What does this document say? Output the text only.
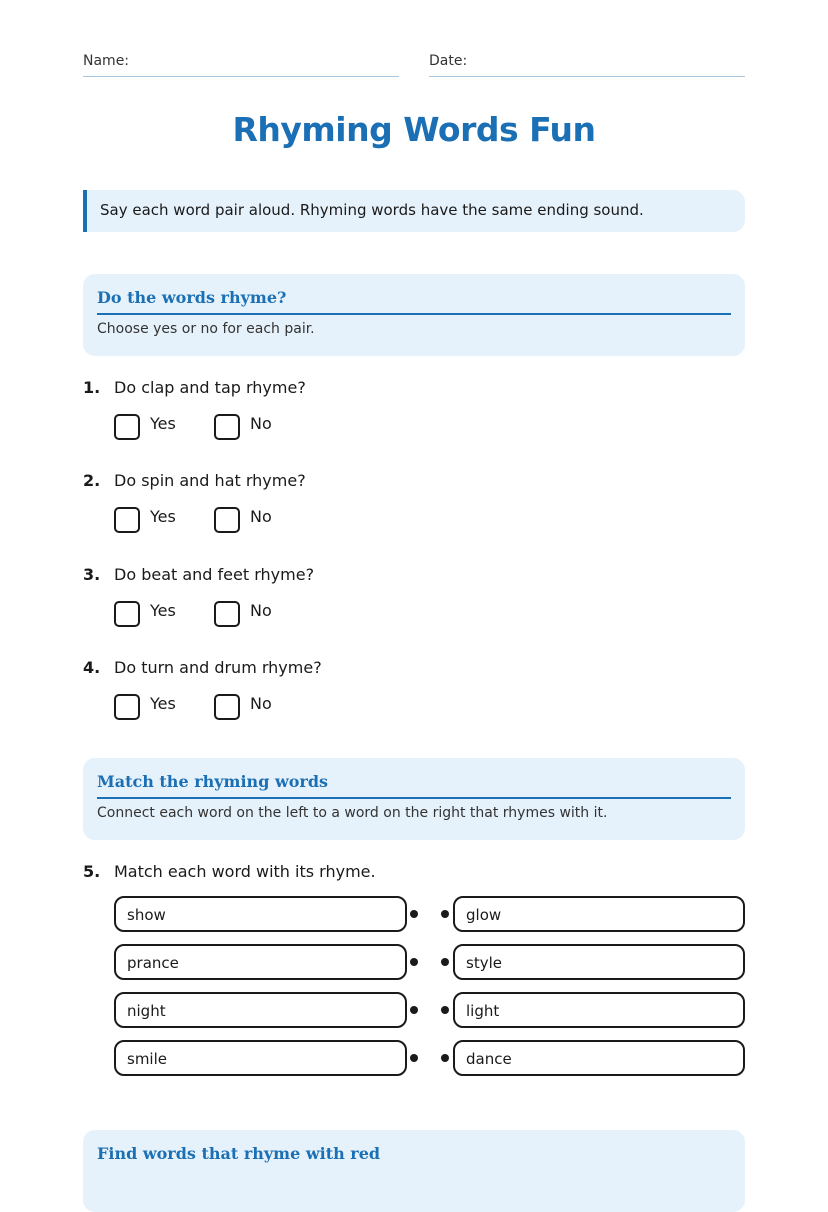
Name:	Date:
Rhyming Words Fun
Say each word pair aloud. Rhyming words have the same ending sound.
Do the words rhyme?

Choose yes or no for each pair.

1. Do clap and tap rhyme?
Yes	No
2. Do spin and hat rhyme?
Yes	No
3. Do beat and feet rhyme?
Yes	No
4. Do turn and drum rhyme?
Yes	No
Match the rhyming words

Connect each word on the left to a word on the right that rhymes with it.

5. Match each word with its rhyme.
show	glow
prance	style
night	light
smile	dance
Find words that rhyme with red
